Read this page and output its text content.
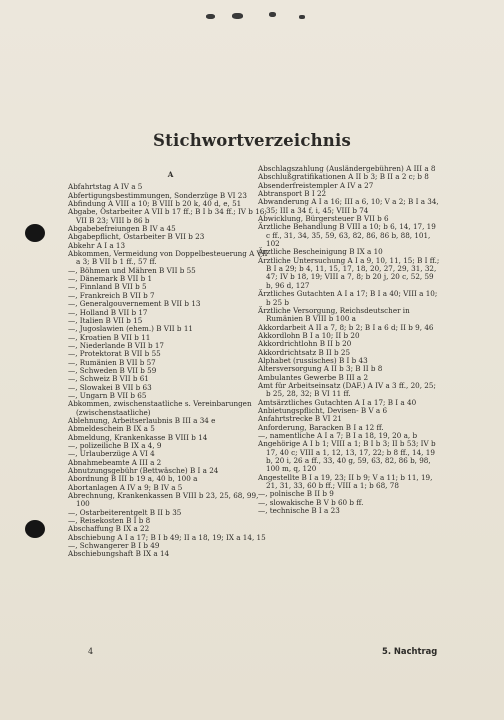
Stichwortverzeichnis
A

Abfahrtstag A IV a 5

Abfertigungsbestimmungen, Sonderzüge B VI 23

Abfindung A VIII a 10; B VIII b 20 k, 40 d, e, 51

Abgabe, Ostarbeiter A VII b 17 ff.; B I b 34 ff.; IV b 16; VII B 23; VIII b 86 b

Abgabebefreiungen B IV a 45

Abgabepflicht, Ostarbeiter B VII b 23

Abkehr A I a 13

Abkommen, Vermeidung von Doppelbesteuerung A VII a 3; B VII b 1 ff., 57 ff.

—, Böhmen und Mähren B VII b 55

—, Dänemark B VII b 1

—, Finnland B VII b 5

—, Frankreich B VII b 7

—, Generalgouvernement B VII b 13

—, Holland B VII b 17

—, Italien B VII b 15

—, Jugoslawien (ehem.) B VII b 11

—, Kroatien B VII b 11

—, Niederlande B VII b 17

—, Protektorat B VII b 55

—, Rumänien B VII b 57

—, Schweden B VII b 59

—, Schweiz B VII b 61

—, Slowakei B VII b 63

—, Ungarn B VII b 65

Abkommen, zwischenstaatliche s. Vereinbarungen (zwischenstaatliche)

Ablehnung, Arbeitserlaubnis B III a 34 e

Abmeldeschein B IX a 5

Abmeldung, Krankenkasse B VIII b 14

—, polizeiliche B IX a 4, 9

—, Urlauberzüge A VI 4

Abnahmebeamte A III a 2

Abnutzungsgebühr (Bettwäsche) B I a 24

Abordnung B III b 19 a, 40 b, 100 a

Abortanlagen A IV a 9; B IV a 5

Abrechnung, Krankenkassen B VIII b 23, 25, 68, 99, 100

—, Ostarbeiterentgelt B II b 35

—, Reisekosten B I b 8

Abschaffung B IX a 22

Abschiebung A I a 17; B I b 49; II a 18, 19; IX a 14, 15

—, Schwangerer B I b 49

Abschiebungshaft B IX a 14

Abschlagszahlung (Ausländergebühren) A III a 8

Abschlußgratifikationen A II b 3; B II a 2 c; b 8

Absenderfreistempler A IV a 27

Abtransport B I 22

Abwanderung A I a 16; III a 6, 10; V a 2; B I a 34, 35; III a 34 f, i, 45; VIII b 74

Abwicklung, Bürgersteuer B VII b 6

Ärztliche Behandlung B VIII a 10; b 6, 14, 17, 19 c ff., 31, 34, 35, 59, 63, 82, 86, 86 b, 88, 101, 102

Ärztliche Bescheinigung B IX a 10

Ärztliche Untersuchung A I a 9, 10, 11, 15; B I ff.; B I a 29; b 4, 11, 15, 17, 18, 20, 27, 29, 31, 32, 47; IV b 18, 19; VIII a 7, 8; b 20 j, 20 c, 52, 59 b, 96 d, 127

Ärztliches Gutachten A I a 17; B I a 40; VIII a 10; b 25 b

Ärztliche Versorgung, Reichsdeutscher in Rumänien B VIII b 100 a

Akkordarbeit A II a 7, 8; b 2; B I a 6 d; II b 9, 46

Akkordlohn B I a 10; II b 20

Akkordrichtlohn B II b 20

Akkordrichtsatz B II b 25

Alphabet (russisches) B I b 43

Altersversorgung A II b 3; B II b 8

Ambulantes Gewerbe B III a 2

Amt für Arbeitseinsatz (DAF.) A IV a 3 ff., 20, 25; b 25, 28, 32; B VI 11 ff.

Amtsärztliches Gutachten A I a 17; B I a 40

Anbietungspflicht, Devisen- B V a 6

Anfahrtstrecke B VI 21

Anforderung, Baracken B I a 12 ff.

—, namentliche A I a 7; B I a 18, 19, 20 a, b

Angehörige A I b 1; VIII a 1; B I b 3; II b 53; IV b 17, 40 c; VIII a 1, 12, 13, 17, 22; b 8 ff., 14, 19 b, 20 i, 26 a ff., 33, 40 g, 59, 63, 82, 86 b, 98, 100 m, q, 120

Angestellte B I a 19, 23; II b 9; V a 11; b 11, 19, 21, 31, 33, 60 b ff.; VIII a 1; b 68, 78

—, polnische B II b 9

—, slowakische B V b 60 b ff.

—, technische B I a 23

4	5. Nachtrag
